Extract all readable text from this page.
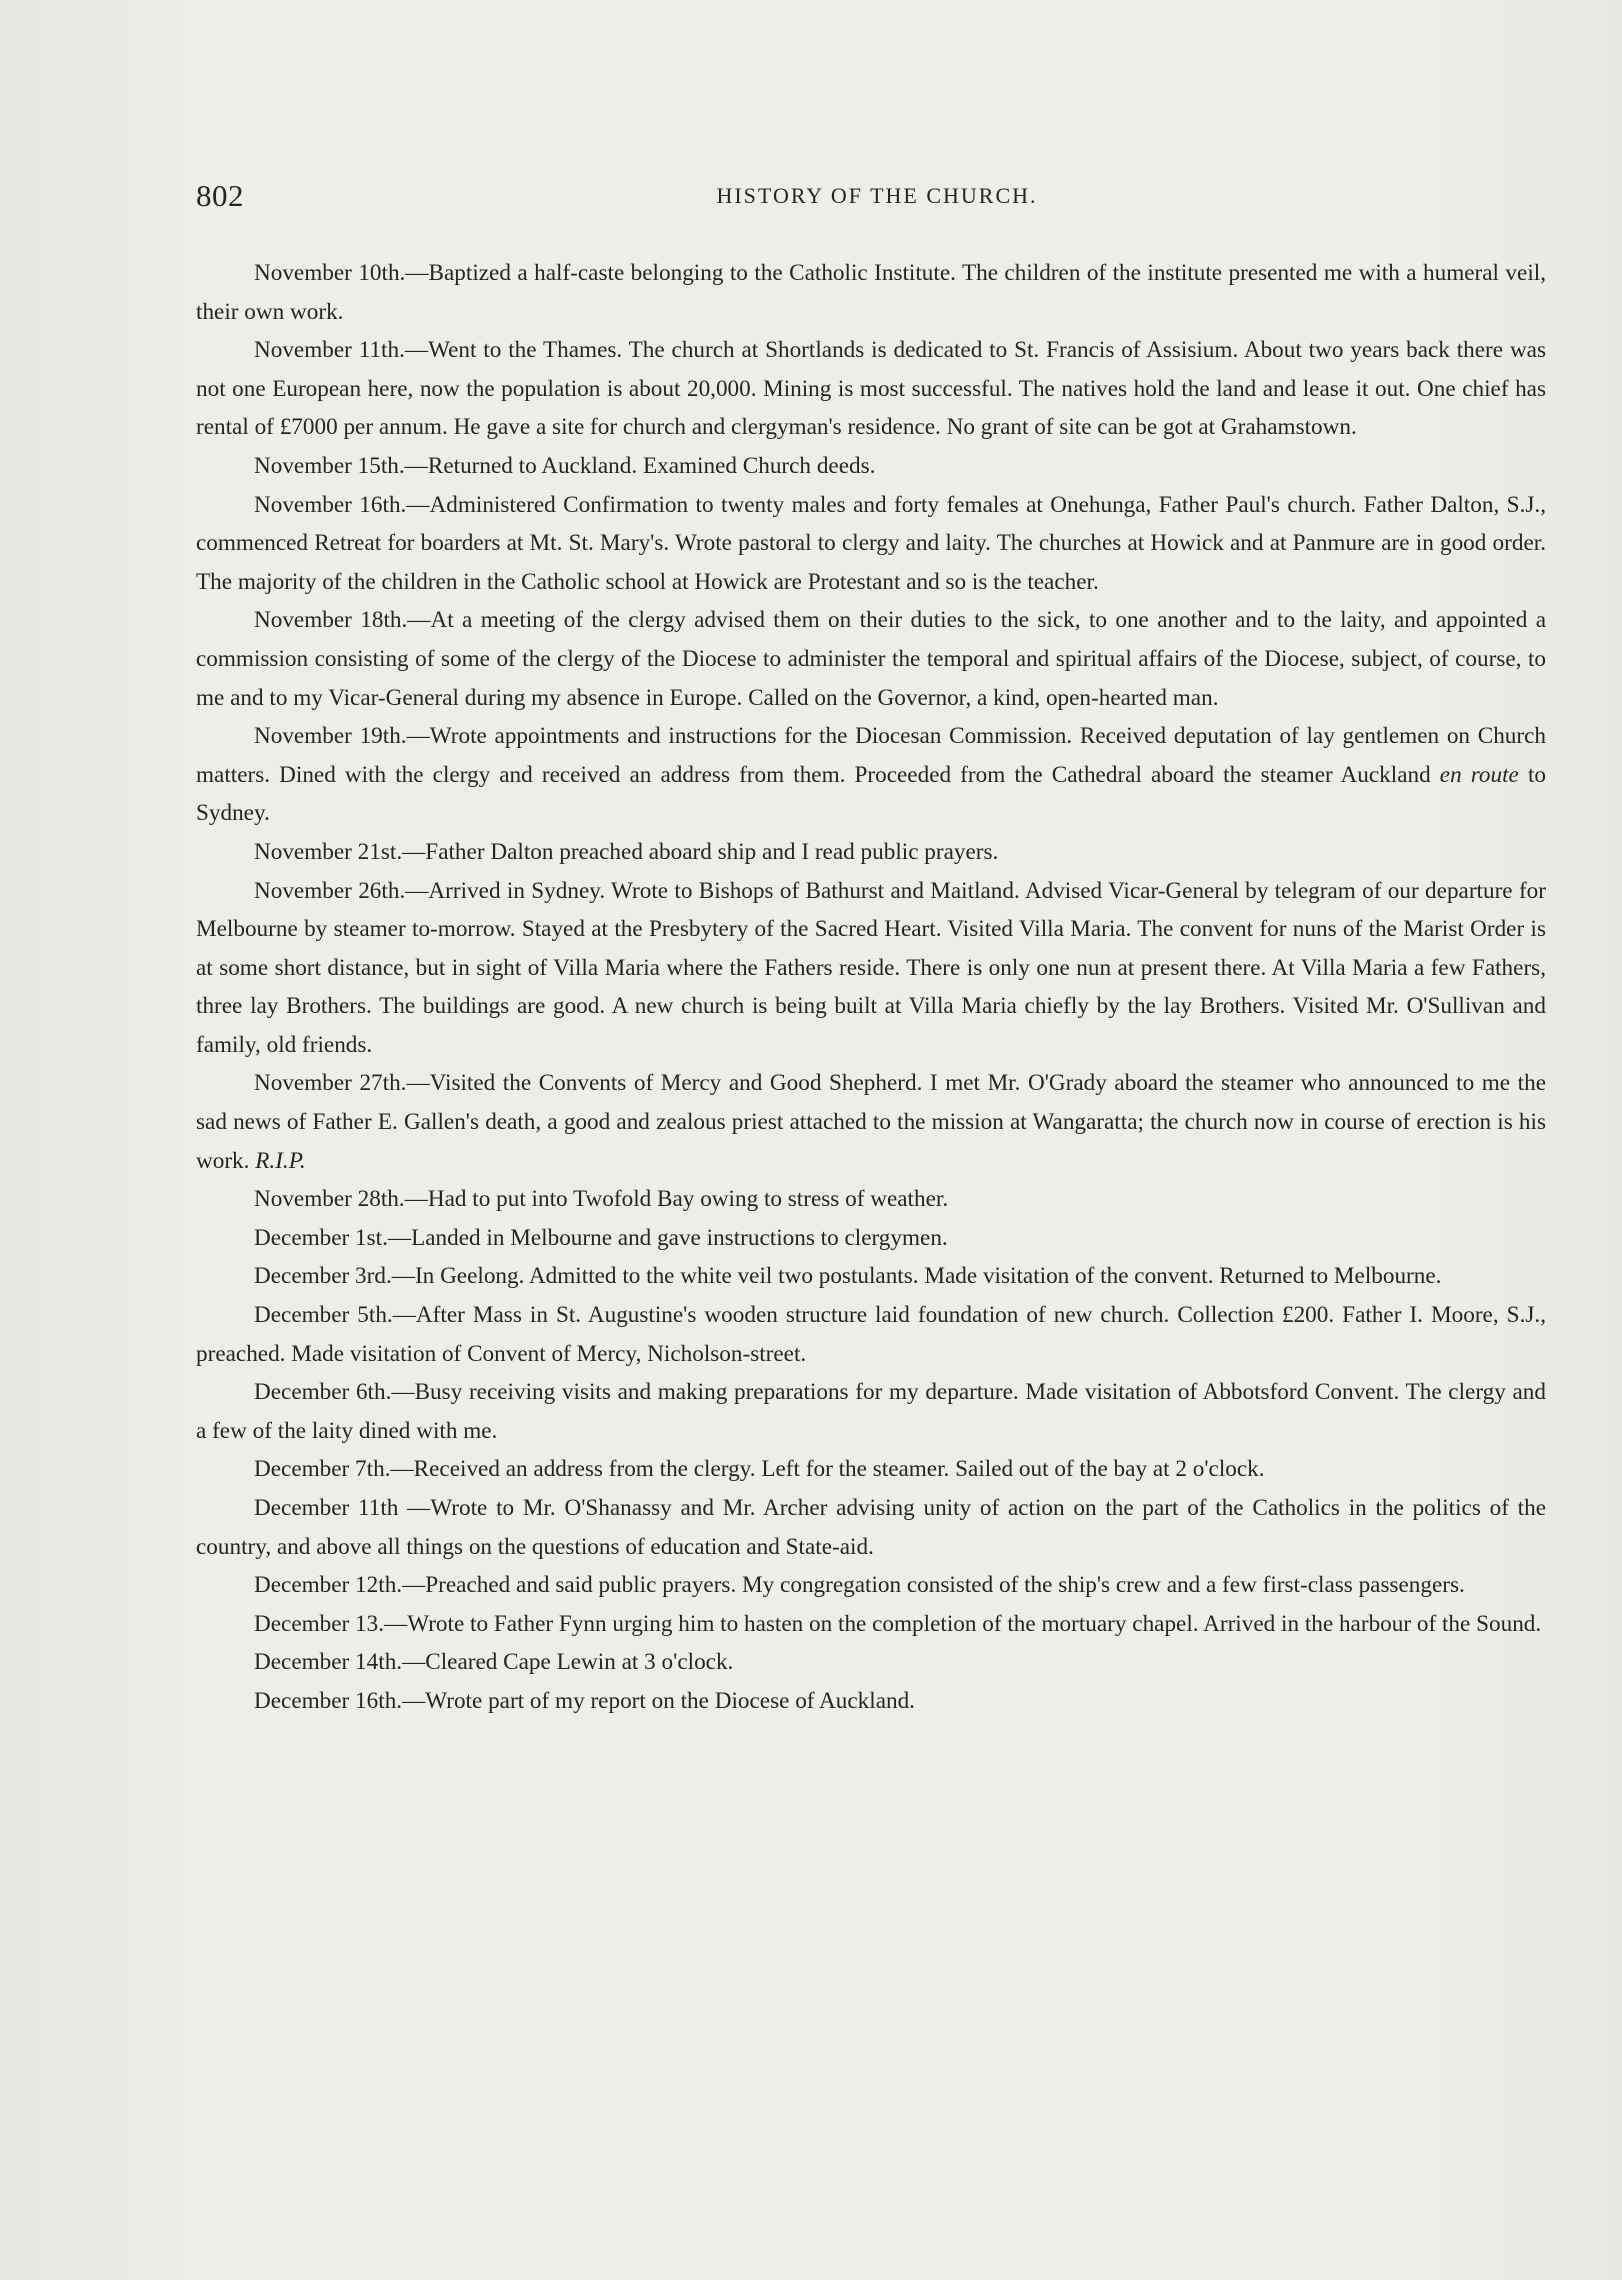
802	HISTORY OF THE CHURCH.

November 10th.—Baptized a half-caste belonging to the Catholic Institute. The children of the institute presented me with a humeral veil, their own work.

November 11th.—Went to the Thames. The church at Shortlands is dedicated to St. Francis of Assisium. About two years back there was not one European here, now the population is about 20,000. Mining is most successful. The natives hold the land and lease it out. One chief has rental of £7000 per annum. He gave a site for church and clergyman's residence. No grant of site can be got at Grahamstown.

November 15th.—Returned to Auckland. Examined Church deeds.

November 16th.—Administered Confirmation to twenty males and forty females at Onehunga, Father Paul's church. Father Dalton, S.J., commenced Retreat for boarders at Mt. St. Mary's. Wrote pastoral to clergy and laity. The churches at Howick and at Panmure are in good order. The majority of the children in the Catholic school at Howick are Protestant and so is the teacher.

November 18th.—At a meeting of the clergy advised them on their duties to the sick, to one another and to the laity, and appointed a commission consisting of some of the clergy of the Diocese to administer the temporal and spiritual affairs of the Diocese, subject, of course, to me and to my Vicar-General during my absence in Europe. Called on the Governor, a kind, open-hearted man.

November 19th.—Wrote appointments and instructions for the Diocesan Commission. Received deputation of lay gentlemen on Church matters. Dined with the clergy and received an address from them. Proceeded from the Cathedral aboard the steamer Auckland en route to Sydney.

November 21st.—Father Dalton preached aboard ship and I read public prayers.

November 26th.—Arrived in Sydney. Wrote to Bishops of Bathurst and Maitland. Advised Vicar-General by telegram of our departure for Melbourne by steamer to-morrow. Stayed at the Presbytery of the Sacred Heart. Visited Villa Maria. The convent for nuns of the Marist Order is at some short distance, but in sight of Villa Maria where the Fathers reside. There is only one nun at present there. At Villa Maria a few Fathers, three lay Brothers. The buildings are good. A new church is being built at Villa Maria chiefly by the lay Brothers. Visited Mr. O'Sullivan and family, old friends.

November 27th.—Visited the Convents of Mercy and Good Shepherd. I met Mr. O'Grady aboard the steamer who announced to me the sad news of Father E. Gallen's death, a good and zealous priest attached to the mission at Wangaratta; the church now in course of erection is his work. R.I.P.

November 28th.—Had to put into Twofold Bay owing to stress of weather.

December 1st.—Landed in Melbourne and gave instructions to clergymen.

December 3rd.—In Geelong. Admitted to the white veil two postulants. Made visitation of the convent. Returned to Melbourne.

December 5th.—After Mass in St. Augustine's wooden structure laid foundation of new church. Collection £200. Father I. Moore, S.J., preached. Made visitation of Convent of Mercy, Nicholson-street.

December 6th.—Busy receiving visits and making preparations for my departure. Made visitation of Abbotsford Convent. The clergy and a few of the laity dined with me.

December 7th.—Received an address from the clergy. Left for the steamer. Sailed out of the bay at 2 o'clock.

December 11th —Wrote to Mr. O'Shanassy and Mr. Archer advising unity of action on the part of the Catholics in the politics of the country, and above all things on the questions of education and State-aid.

December 12th.—Preached and said public prayers. My congregation consisted of the ship's crew and a few first-class passengers.

December 13.—Wrote to Father Fynn urging him to hasten on the completion of the mortuary chapel. Arrived in the harbour of the Sound.

December 14th.—Cleared Cape Lewin at 3 o'clock.

December 16th.—Wrote part of my report on the Diocese of Auckland.
